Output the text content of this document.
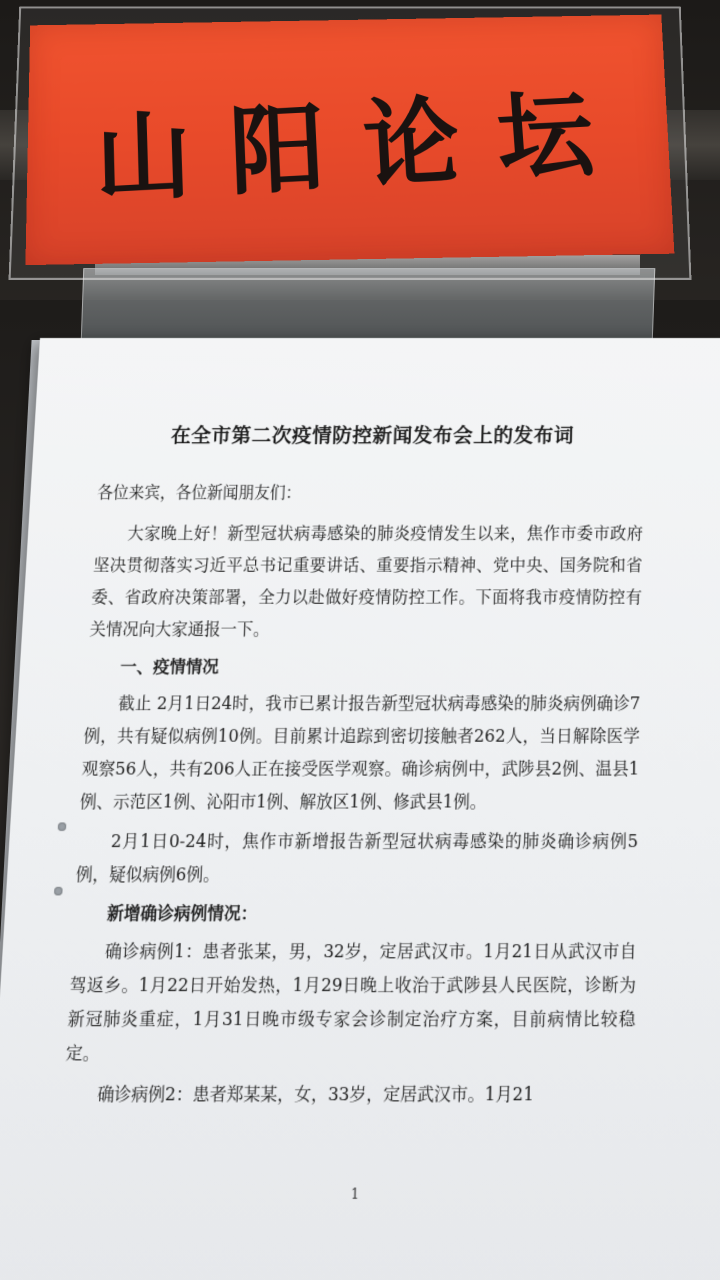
山阳论坛
在全市第二次疫情防控新闻发布会上的发布词

各位来宾，各位新闻朋友们：

大家晚上好！新型冠状病毒感染的肺炎疫情发生以来，焦作市委市政府坚决贯彻落实习近平总书记重要讲话、重要指示精神、党中央、国务院和省委、省政府决策部署，全力以赴做好疫情防控工作。下面将我市疫情防控有关情况向大家通报一下。

一、疫情情况

截止 2月1日24时，我市已累计报告新型冠状病毒感染的肺炎病例确诊7例，共有疑似病例10例。目前累计追踪到密切接触者262人，当日解除医学观察56人，共有206人正在接受医学观察。确诊病例中，武陟县2例、温县1例、示范区1例、沁阳市1例、解放区1例、修武县1例。

2月1日0-24时，焦作市新增报告新型冠状病毒感染的肺炎确诊病例5例，疑似病例6例。

新增确诊病例情况：

确诊病例1：患者张某，男，32岁，定居武汉市。1月21日从武汉市自驾返乡。1月22日开始发热，1月29日晚上收治于武陟县人民医院，诊断为新冠肺炎重症，1月31日晚市级专家会诊制定治疗方案，目前病情比较稳定。

确诊病例2：患者郑某某，女，33岁，定居武汉市。1月21

1
